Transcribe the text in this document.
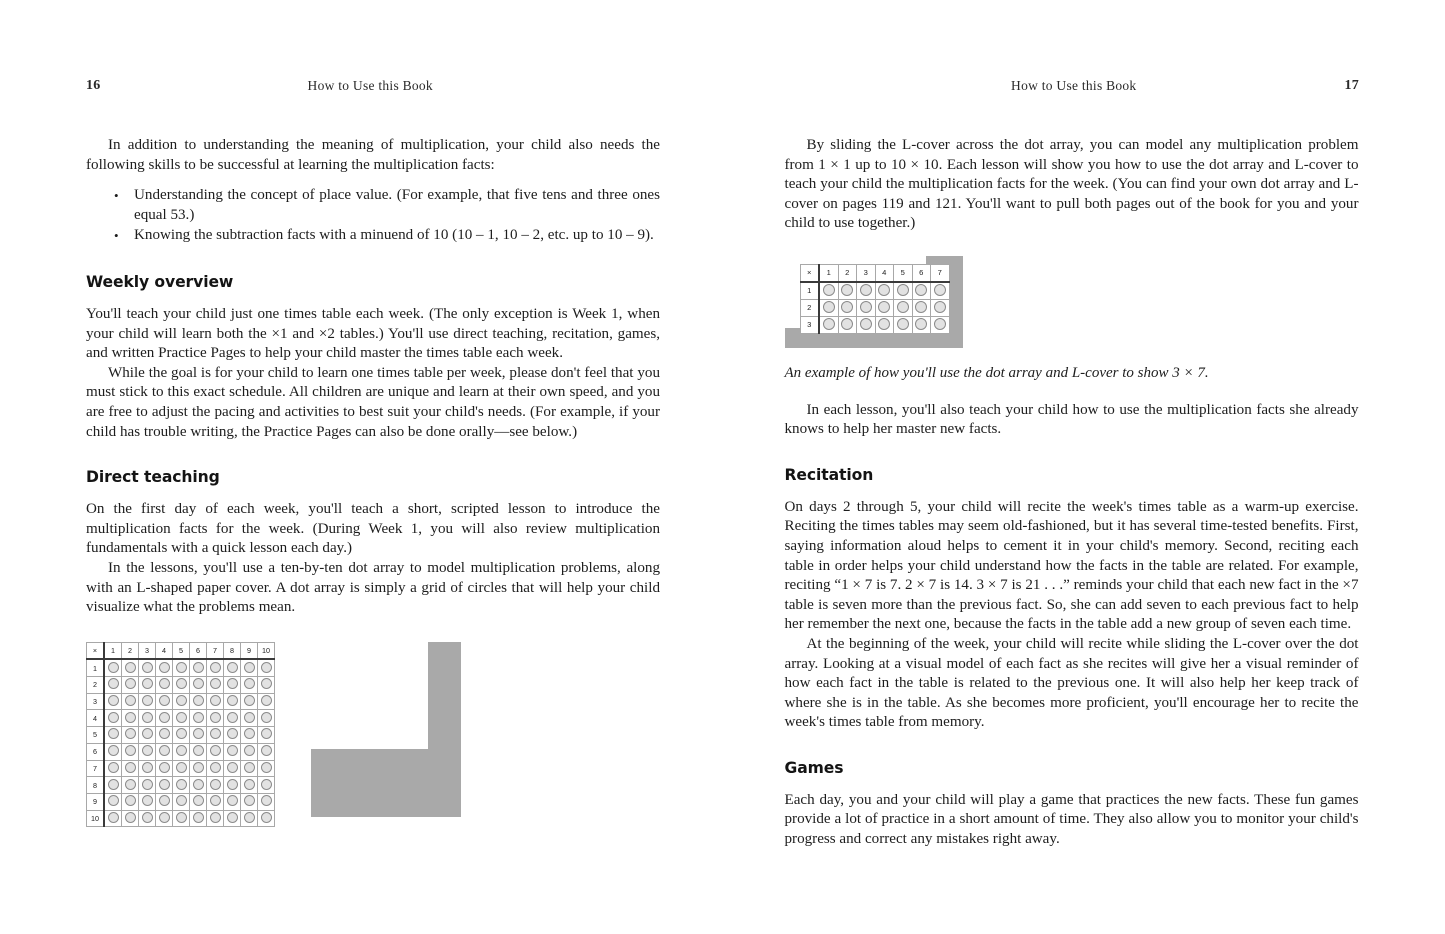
16	How to Use this Book

In addition to understanding the meaning of multiplication, your child also needs the following skills to be successful at learning the multiplication facts:

• Understanding the concept of place value. (For example, that five tens and three ones equal 53.)
• Knowing the subtraction facts with a minuend of 10 (10 – 1, 10 – 2, etc. up to 10 – 9).
Weekly overview

You'll teach your child just one times table each week. (The only exception is Week 1, when your child will learn both the ×1 and ×2 tables.) You'll use direct teaching, recitation, games, and written Practice Pages to help your child master the times table each week.

While the goal is for your child to learn one times table per week, please don't feel that you must stick to this exact schedule. All children are unique and learn at their own speed, and you are free to adjust the pacing and activities to best suit your child's needs. (For example, if your child has trouble writing, the Practice Pages can also be done orally—see below.)

Direct teaching

On the first day of each week, you'll teach a short, scripted lesson to introduce the multiplication facts for the week. (During Week 1, you will also review multiplication fundamentals with a quick lesson each day.)

In the lessons, you'll use a ten-by-ten dot array to model multiplication problems, along with an L-shaped paper cover. A dot array is simply a grid of circles that will help your child visualize what the problems mean.

×	1	2	3	4	5	6	7	8	9	10
1										
2										
3										
4										
5										
6										
7										
8										
9										
10										
How to Use this Book	17

By sliding the L-cover across the dot array, you can model any multiplication problem from 1 × 1 up to 10 × 10. Each lesson will show you how to use the dot array and L-cover to teach your child the multiplication facts for the week. (You can find your own dot array and L-cover on pages 119 and 121. You'll want to pull both pages out of the book for you and your child to use together.)

×	1	2	3	4	5	6	7
1							
2							
3							

An example of how you'll use the dot array and L-cover to show 3 × 7.

In each lesson, you'll also teach your child how to use the multiplication facts she already knows to help her master new facts.

Recitation

On days 2 through 5, your child will recite the week's times table as a warm-up exercise. Reciting the times tables may seem old-fashioned, but it has several time-tested benefits. First, saying information aloud helps to cement it in your child's memory. Second, reciting each table in order helps your child understand how the facts in the table are related. For example, reciting “1 × 7 is 7. 2 × 7 is 14. 3 × 7 is 21 . . .” reminds your child that each new fact in the ×7 table is seven more than the previous fact. So, she can add seven to each previous fact to help her remember the next one, because the facts in the table add a new group of seven each time.

At the beginning of the week, your child will recite while sliding the L-cover over the dot array. Looking at a visual model of each fact as she recites will give her a visual reminder of how each fact in the table is related to the previous one. It will also help her keep track of where she is in the table. As she becomes more proficient, you'll encourage her to recite the week's times table from memory.

Games

Each day, you and your child will play a game that practices the new facts. These fun games provide a lot of practice in a short amount of time. They also allow you to monitor your child's progress and correct any mistakes right away.
